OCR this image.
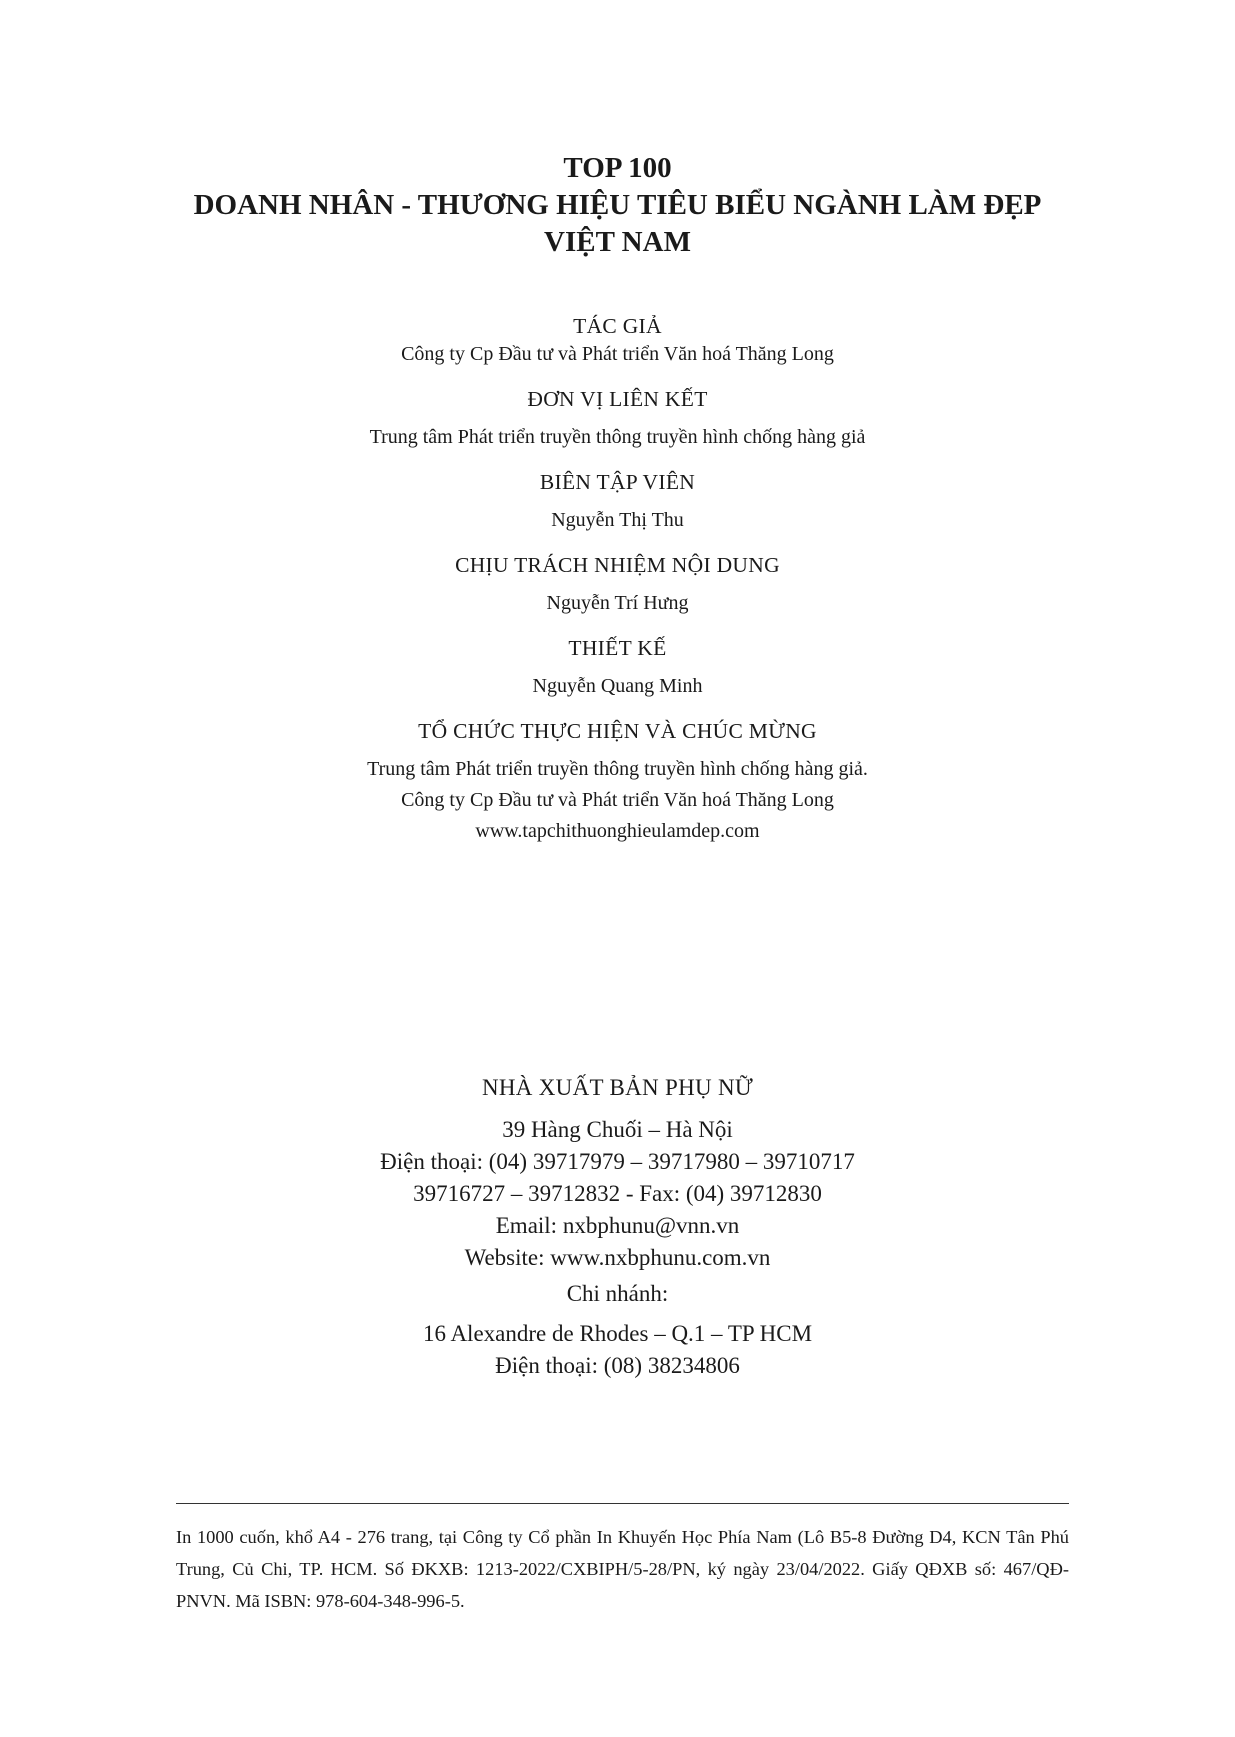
TOP 100
DOANH NHÂN - THƯƠNG HIỆU TIÊU BIỂU NGÀNH LÀM ĐẸP
VIỆT NAM
TÁC GIẢ
Công ty Cp Đầu tư và Phát triển Văn hoá Thăng Long
ĐƠN VỊ LIÊN KẾT
Trung tâm Phát triển truyền thông truyền hình chống hàng giả
BIÊN TẬP VIÊN
Nguyễn Thị Thu
CHỊU TRÁCH NHIỆM NỘI DUNG
Nguyễn Trí Hưng
THIẾT KẾ
Nguyễn Quang Minh
TỔ CHỨC THỰC HIỆN VÀ CHÚC MỪNG
Trung tâm Phát triển truyền thông truyền hình chống hàng giả.
Công ty Cp Đầu tư và Phát triển Văn hoá Thăng Long
www.tapchithuonghieulamdep.com
NHÀ XUẤT BẢN PHỤ NỮ
39 Hàng Chuối – Hà Nội
Điện thoại: (04) 39717979 – 39717980 – 39710717
39716727 – 39712832 - Fax: (04) 39712830
Email: nxbphunu@vnn.vn
Website: www.nxbphunu.com.vn
Chi nhánh:
16 Alexandre de Rhodes – Q.1 – TP HCM
Điện thoại: (08) 38234806
In 1000 cuốn, khổ A4 - 276 trang, tại Công ty Cổ phần In Khuyến Học Phía Nam (Lô B5-8 Đường D4, KCN Tân Phú Trung, Củ Chi, TP. HCM. Số ĐKXB: 1213-2022/CXBIPH/5-28/PN, ký ngày 23/04/2022. Giấy QĐXB số: 467/QĐ-PNVN. Mã ISBN: 978-604-348-996-5.
